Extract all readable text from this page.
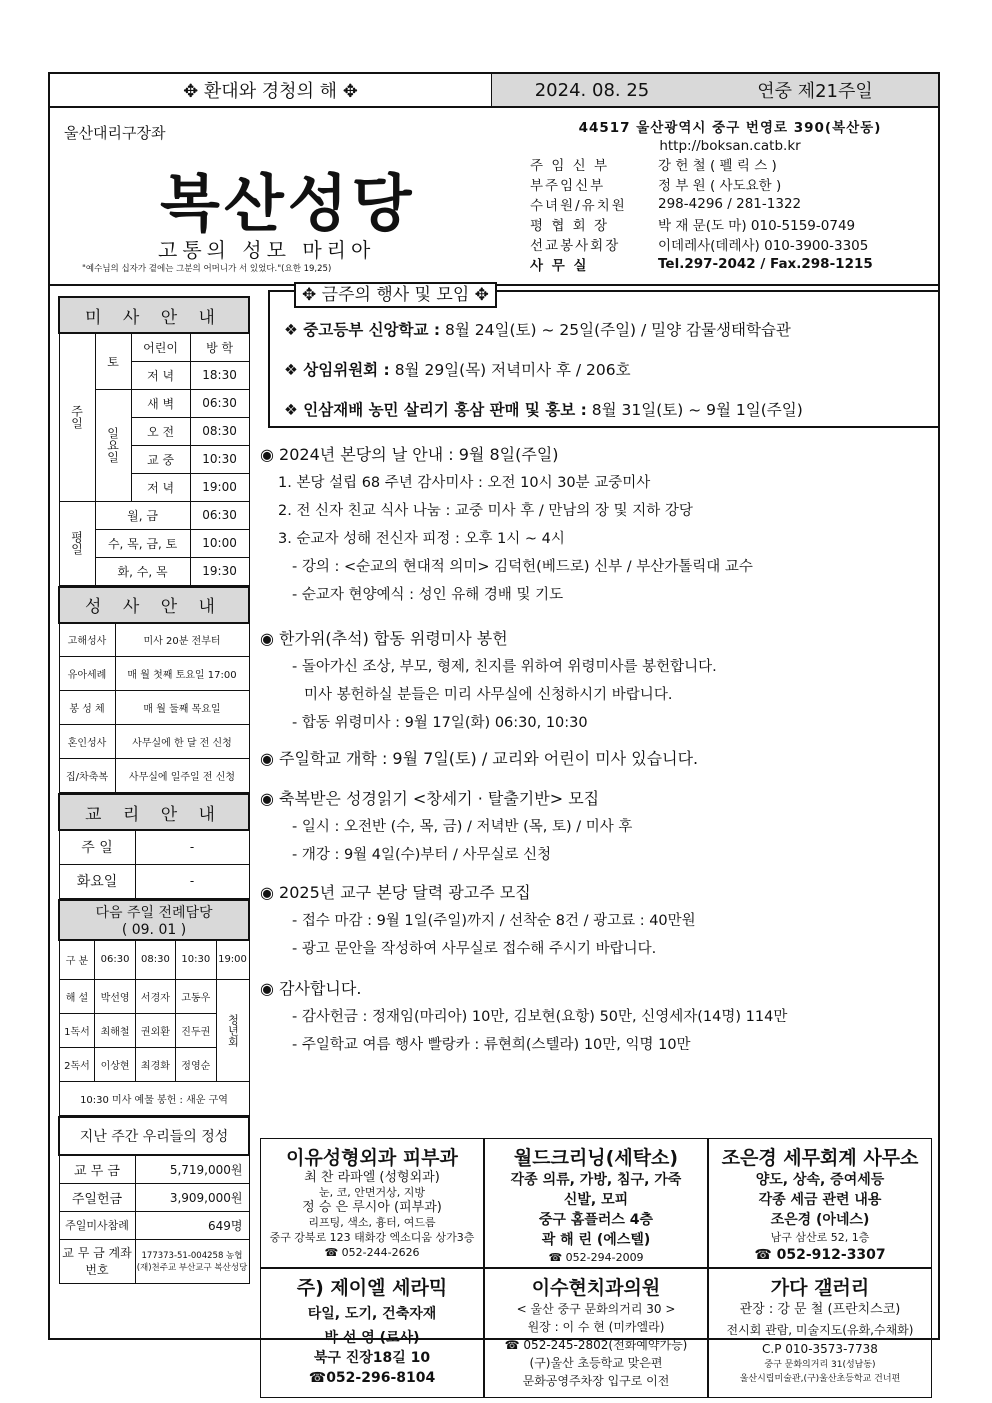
✥ 환대와 경청의 해 ✥	2024. 08. 25	연중 제21주일
울산대리구장좌
복산성당
고통의 성모 마리아
"예수님의 십자가 곁에는 그분의 어머니가 서 있었다."(요한 19,25)
44517 울산광역시 중구 번영로 390(복산동)
http://boksan.catb.kr
주 임 신 부	강 헌 철 ( 펠 릭 스 )
부주임신부	정 부 원 ( 사도요한 )
수녀원/유치원	298-4296 / 281-1322
평 협 회 장	박 재 문(도 마) 010-5159-0749
선교봉사회장	이데레사(데레사) 010-3900-3305
사 무 실	Tel.297-2042 / Fax.298-1215
미 사 안 내			
주일	토	어린이	방 학
		저 녁	18:30
	일요일	새 벽	06:30
		오 전	08:30
		교 중	10:30
		저 녁	19:00
평일	월, 금		06:30
	수, 목, 금, 토		10:00
	화, 수, 목		19:30
성 사 안 내	
고해성사	미사 20분 전부터
유아세례	매 월 첫째 토요일 17:00
봉 성 체	매 월 둘째 목요일
혼인성사	사무실에 한 달 전 신청
집/차축복	사무실에 일주일 전 신청
교 리 안 내	
주 일	-
화요일	-
다음 주일 전례담당
( 09. 01 )				

구 분	06:30	08:30	10:30	19:00
해 설	박선영	서경자	고동우	청년회
1독서	최해철	권외환	진두권	
2독서	이상현	최경화	정영순	
10:30 미사 예물 봉헌 : 새운 구역				
지난 주간 우리들의 정성	
교 무 금	5,719,000원
주일헌금	3,909,000원
주일미사참례	649명
교 무 금 계좌번호	177373-51-004258 농협 (재)천주교 부산교구 복산성당
✥ 금주의 행사 및 모임 ✥
❖ 중고등부 신앙학교 : 8월 24일(토) ~ 25일(주일) / 밀양 감물생태학습관
❖ 상임위원회 : 8월 29일(목) 저녁미사 후 / 206호
❖ 인삼재배 농민 살리기 홍삼 판매 및 홍보 : 8월 31일(토) ~ 9월 1일(주일)
◉ 2024년 본당의 날 안내 : 9월 8일(주일)
1. 본당 설립 68 주년 감사미사 : 오전 10시 30분 교중미사
2. 전 신자 친교 식사 나눔 : 교중 미사 후 / 만남의 장 및 지하 강당
3. 순교자 성해 전신자 피정 : 오후 1시 ~ 4시
- 강의 : <순교의 현대적 의미> 김덕헌(베드로) 신부 / 부산가톨릭대 교수
- 순교자 현양예식 : 성인 유해 경배 및 기도
◉ 한가위(추석) 합동 위령미사 봉헌
- 돌아가신 조상, 부모, 형제, 친지를 위하여 위령미사를 봉헌합니다.
미사 봉헌하실 분들은 미리 사무실에 신청하시기 바랍니다.
- 합동 위령미사 : 9월 17일(화) 06:30, 10:30
◉ 주일학교 개학 : 9월 7일(토) / 교리와 어린이 미사 있습니다.
◉ 축복받은 성경읽기 <창세기 · 탈출기반> 모집
- 일시 : 오전반 (수, 목, 금) / 저녁반 (목, 토) / 미사 후
- 개강 : 9월 4일(수)부터 / 사무실로 신청
◉ 2025년 교구 본당 달력 광고주 모집
- 접수 마감 : 9월 1일(주일)까지 / 선착순 8건 / 광고료 : 40만원
- 광고 문안을 작성하여 사무실로 접수해 주시기 바랍니다.
◉ 감사합니다.
- 감사헌금 : 정재임(마리아) 10만, 김보현(요항) 50만, 신영세자(14명) 114만
- 주일학교 여름 행사 빨랑카 : 류현희(스텔라) 10만, 익명 10만
이유성형외과 피부과
최 찬 라파엘 (성형외과)
눈, 코, 안면거상, 지방
정 승 은 루시아 (피부과)
리프팅, 색소, 흉터, 여드름
중구 강북로 123 태화강 엑소디움 상가3층
☎ 052-244-2626
월드크리닝(세탁소)
각종 의류, 가방, 침구, 가죽
신발, 모피
중구 홈플러스 4층
곽 해 린 (에스텔)
☎ 052-294-2009
조은경 세무회계 사무소
양도, 상속, 증여세등
각종 세금 관련 내용
조은경 (아네스)
남구 삼산로 52, 1층
☎ 052-912-3307
주) 제이엘 세라믹
타일, 도기, 건축자재
박 선 영 (로사)
북구 진장18길 10
☎052-296-8104
이수현치과의원
< 울산 중구 문화의거리 30 >
원장 : 이 수 현 (미카엘라)
☎ 052-245-2802(전화예약가능)
(구)울산 초등학교 맞은편
문화공영주차장 입구로 이전
가다 갤러리
관장 : 강 문 철 (프란치스코)
전시회 관람, 미술지도(유화,수채화)
C.P 010-3573-7738
중구 문화의거리 31(성남동)
울산시립미술관,(구)울산초등학교 건너편
